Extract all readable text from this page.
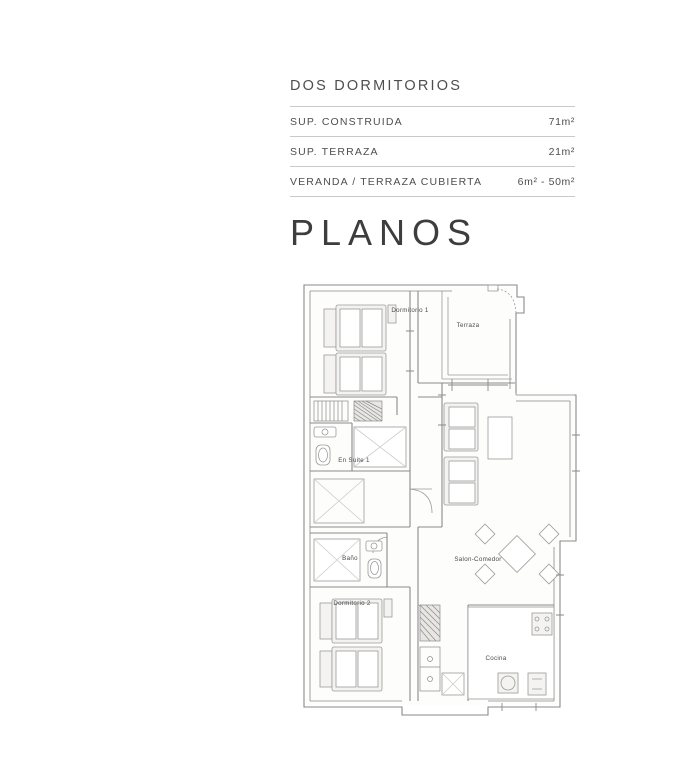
DOS DORMITORIOS
SUP. CONSTRUIDA	71m²
SUP. TERRAZA	21m²
VERANDA / TERRAZA CUBIERTA	6m² - 50m²
PLANOS
Dormitorio 1
Terraza
En Suite 1
Baño
Dormitorio 2
Salon-Comedor
Cocina
